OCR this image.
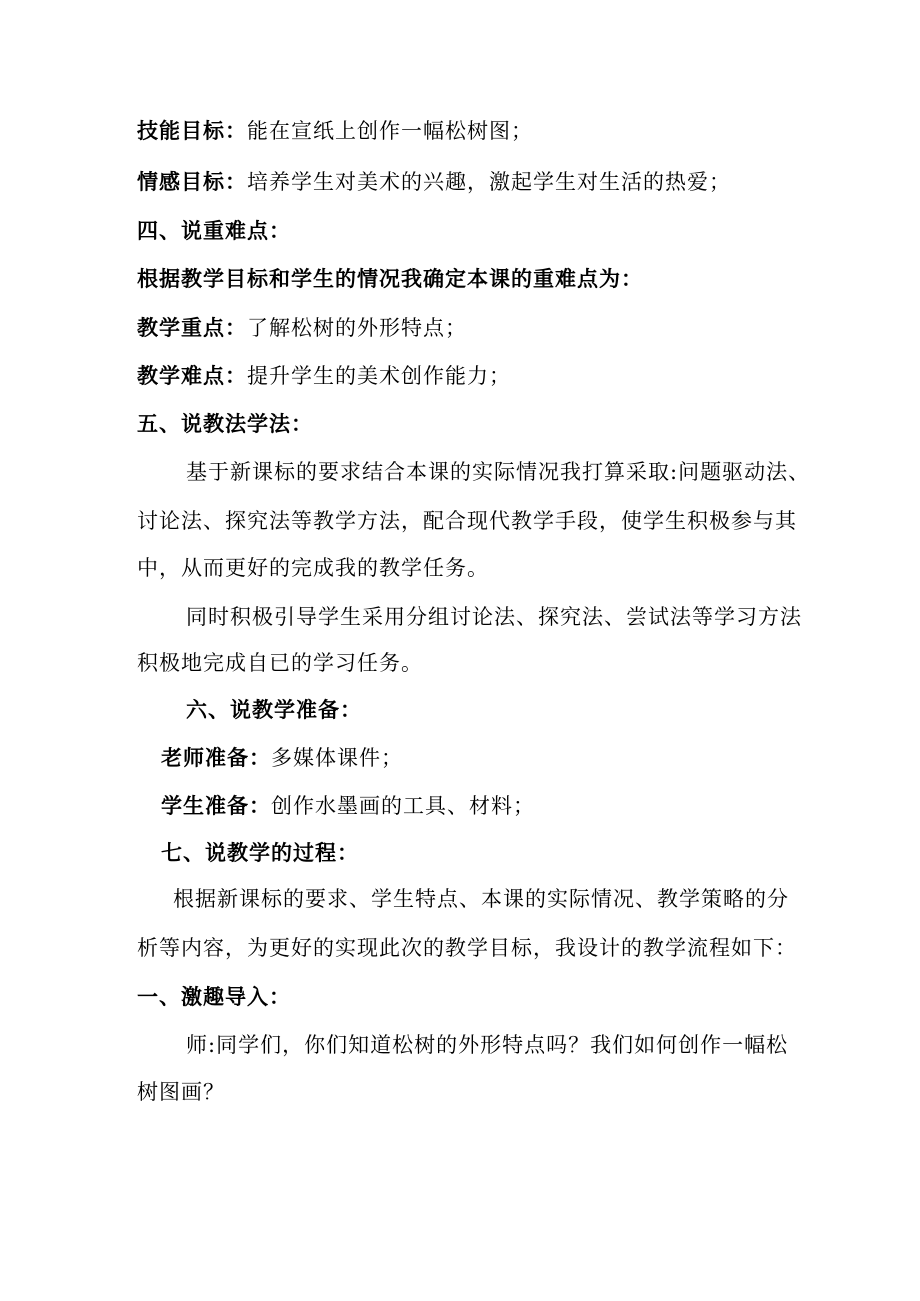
技能目标：能在宣纸上创作一幅松树图；
情感目标：培养学生对美术的兴趣，激起学生对生活的热爱；
四、说重难点：
根据教学目标和学生的情况我确定本课的重难点为：
教学重点：了解松树的外形特点；
教学难点：提升学生的美术创作能力；
五、说教法学法：
基于新课标的要求结合本课的实际情况我打算采取:问题驱动法、
讨论法、探究法等教学方法，配合现代教学手段，使学生积极参与其
中，从而更好的完成我的教学任务。
同时积极引导学生采用分组讨论法、探究法、尝试法等学习方法
积极地完成自已的学习任务。
六、说教学准备：
老师准备：多媒体课件；
学生准备：创作水墨画的工具、材料；
七、说教学的过程：
根据新课标的要求、学生特点、本课的实际情况、教学策略的分
析等内容，为更好的实现此次的教学目标，我设计的教学流程如下：
一、激趣导入：
师:同学们，你们知道松树的外形特点吗？我们如何创作一幅松
树图画？
